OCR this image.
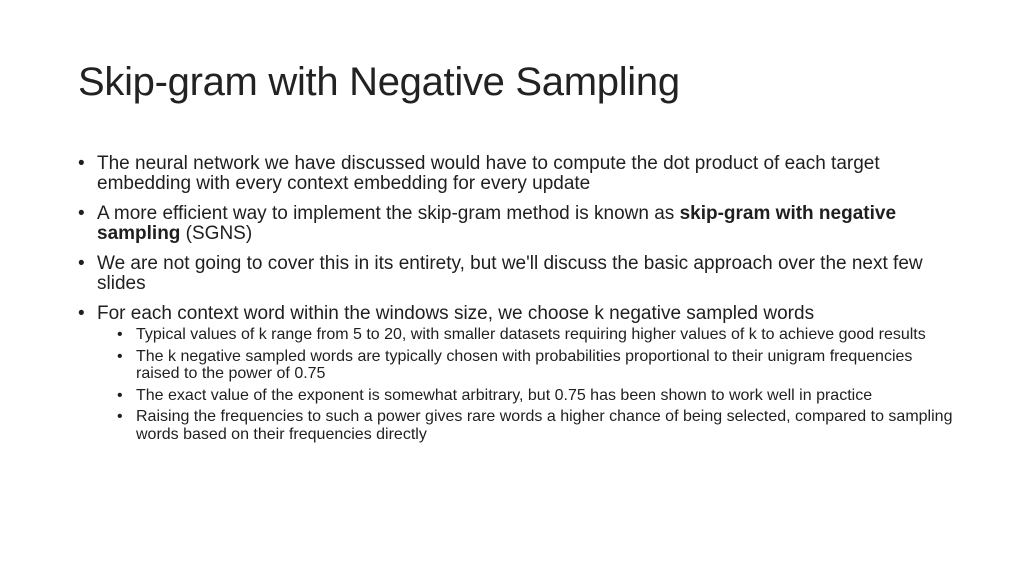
Skip-gram with Negative Sampling
• The neural network we have discussed would have to compute the dot product of each target embedding with every context embedding for every update
• A more efficient way to implement the skip-gram method is known as skip-gram with negative sampling (SGNS)
• We are not going to cover this in its entirety, but we'll discuss the basic approach over the next few slides
• For each context word within the windows size, we choose k negative sampled words
• Typical values of k range from 5 to 20, with smaller datasets requiring higher values of k to achieve good results
• The k negative sampled words are typically chosen with probabilities proportional to their unigram frequencies raised to the power of 0.75
• The exact value of the exponent is somewhat arbitrary, but 0.75 has been shown to work well in practice
• Raising the frequencies to such a power gives rare words a higher chance of being selected, compared to sampling words based on their frequencies directly
